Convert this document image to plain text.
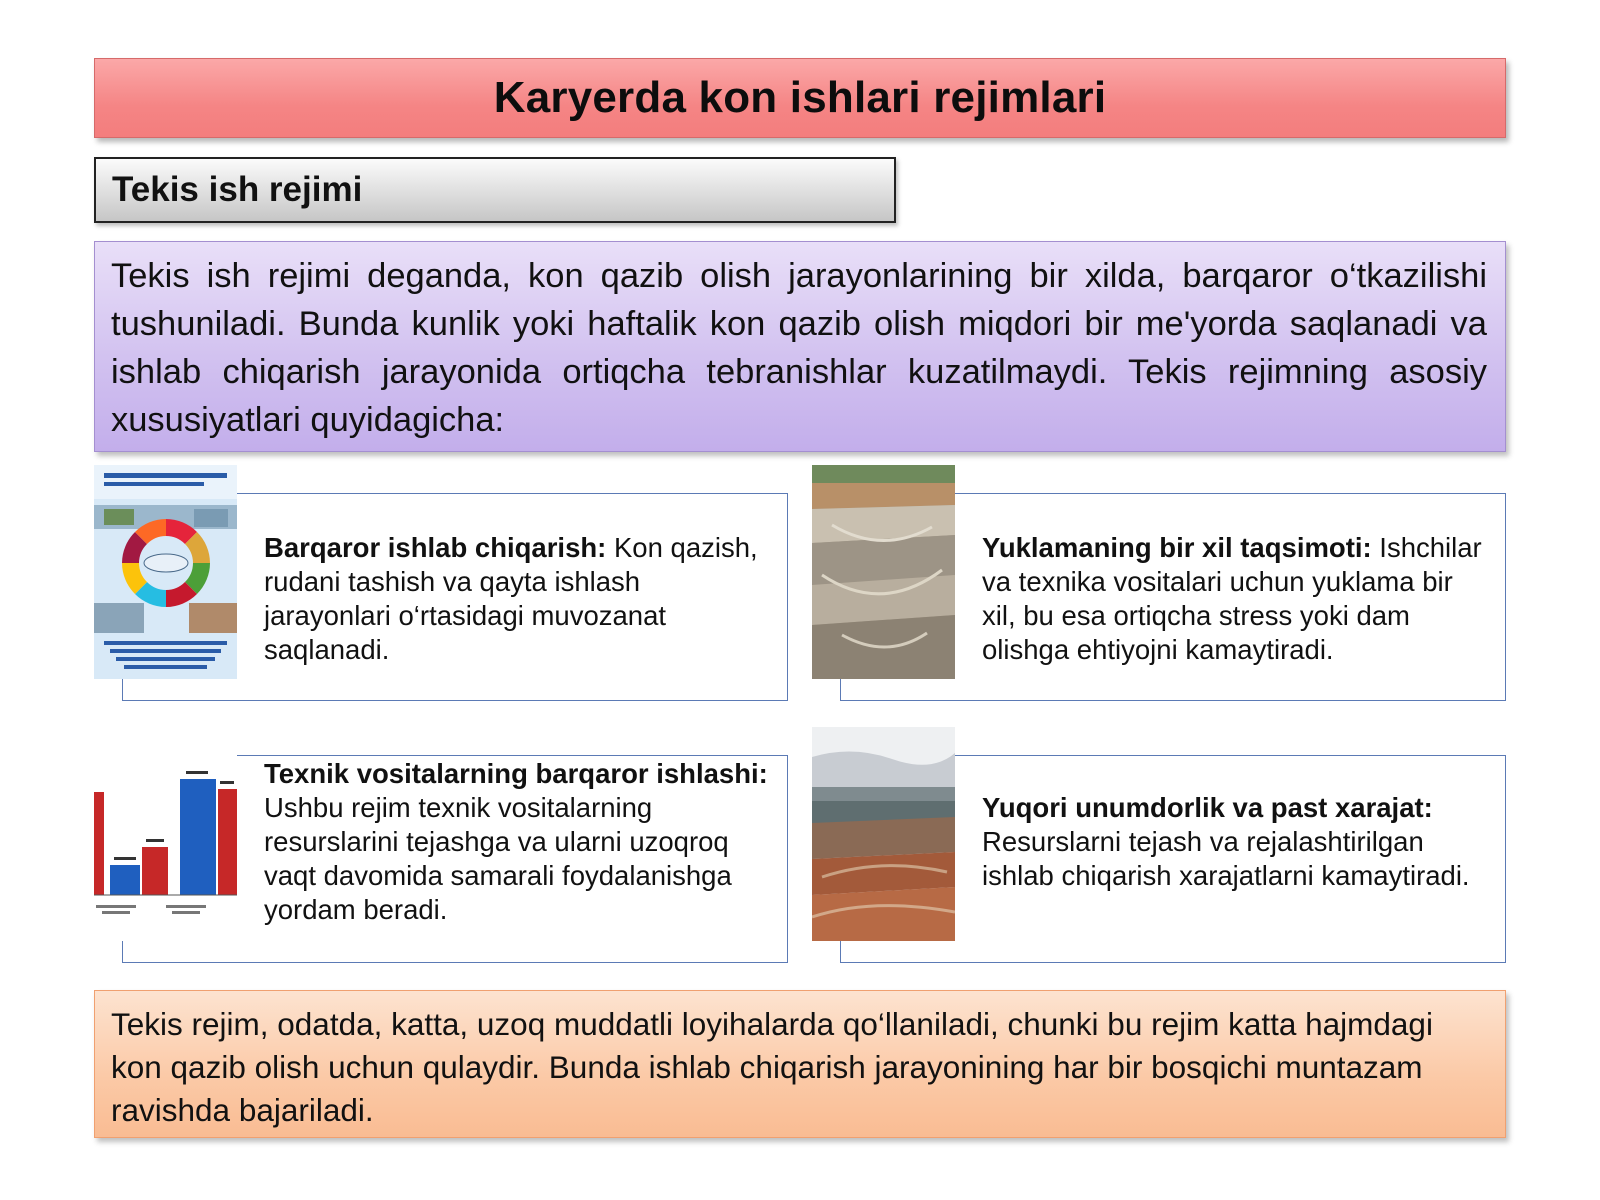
Karyerda kon ishlari rejimlari
Tekis ish rejimi

Tekis ish rejimi deganda, kon qazib olish jarayonlarining bir xilda, barqaror o‘tkazilishi tushuniladi. Bunda kunlik yoki haftalik kon qazib olish miqdori bir me'yorda saqlanadi va ishlab chiqarish jarayonida ortiqcha tebranishlar kuzatilmaydi. Tekis rejimning asosiy xususiyatlari quyidagicha:

Barqaror ishlab chiqarish: Kon qazish, rudani tashish va qayta ishlash jarayonlari o‘rtasidagi muvozanat saqlanadi.
Yuklamaning bir xil taqsimoti: Ishchilar va texnika vositalari uchun yuklama bir xil, bu esa ortiqcha stress yoki dam olishga ehtiyojni kamaytiradi.
Texnik vositalarning barqaror ishlashi: Ushbu rejim texnik vositalarning resurslarini tejashga va ularni uzoqroq vaqt davomida samarali foydalanishga yordam beradi.
Yuqori unumdorlik va past xarajat:
Resurslarni tejash va rejalashtirilgan ishlab chiqarish xarajatlarni kamaytiradi.

Tekis rejim, odatda, katta, uzoq muddatli loyihalarda qo‘llaniladi, chunki bu rejim katta hajmdagi kon qazib olish uchun qulaydir. Bunda ishlab chiqarish jarayonining har bir bosqichi muntazam ravishda bajariladi.
